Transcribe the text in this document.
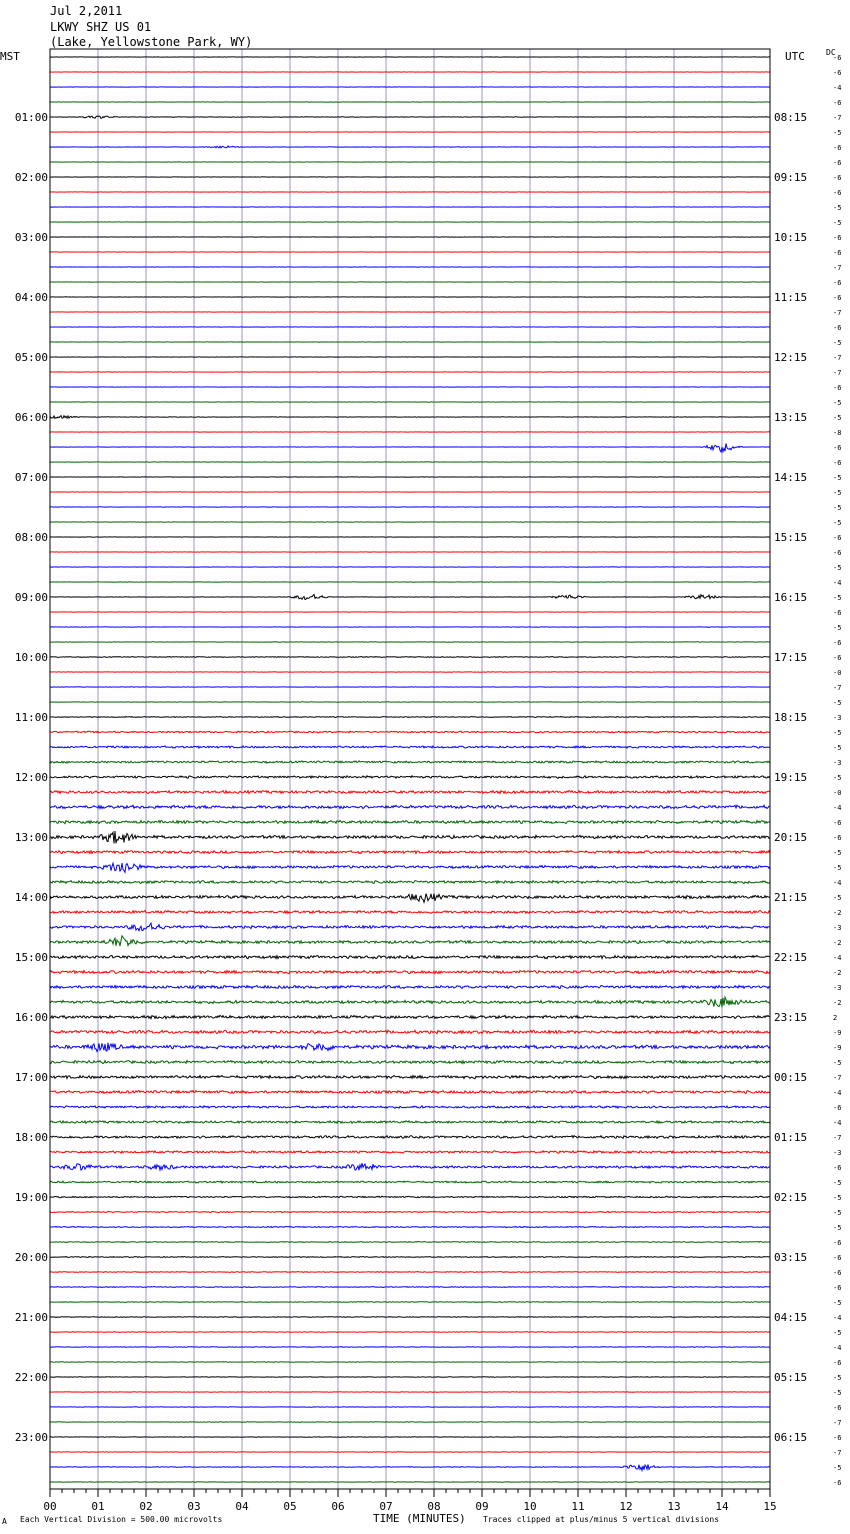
Jul 2,2011
LKWY SHZ US 01
(Lake, Yellowstone Park, WY)
MST	UTC	DC
-6
-6
-4
-6
-7
-5
-6
-6
-6
-6
-5
-5
-6
-6
-7
-6
-6
-7
-6
-5
-7
-7
-6
-5
-5
-8
-6
-6
-5
-5
-5
-5
-6
-6
-5
-4
-5
-6
-5
-6
-6
-0
-7
-5
-3
-5
-5
-3
-5
-0
-4
-6
-6
-5
-5
-4
-5
-2
-3
-2
-4
-2
-3
-2
2
-9
-9
-5
-7
-4
-6
-4
-7
-3
-6
-5
-5
-5
-5
-6
-6
-6
-6
-5
-4
-5
-4
-6
-5
-5
-6
-7
-6
-7
-5
-6
01:00
02:00
03:00
04:00
05:00
06:00
07:00
08:00
09:00
10:00
11:00
12:00
13:00
14:00
15:00
16:00
17:00
18:00
19:00
20:00
21:00
22:00
23:00
08:15
09:15
10:15
11:15
12:15
13:15
14:15
15:15
16:15
17:15
18:15
19:15
20:15
21:15
22:15
23:15
00:15
01:15
02:15
03:15
04:15
05:15
06:15
00	01	02	03	04	05	06	07	08	09	10	11	12	13	14	15
A Each Vertical Division = 500.00 microvolts	TIME (MINUTES) Traces clipped at plus/minus 5 vertical divisions
